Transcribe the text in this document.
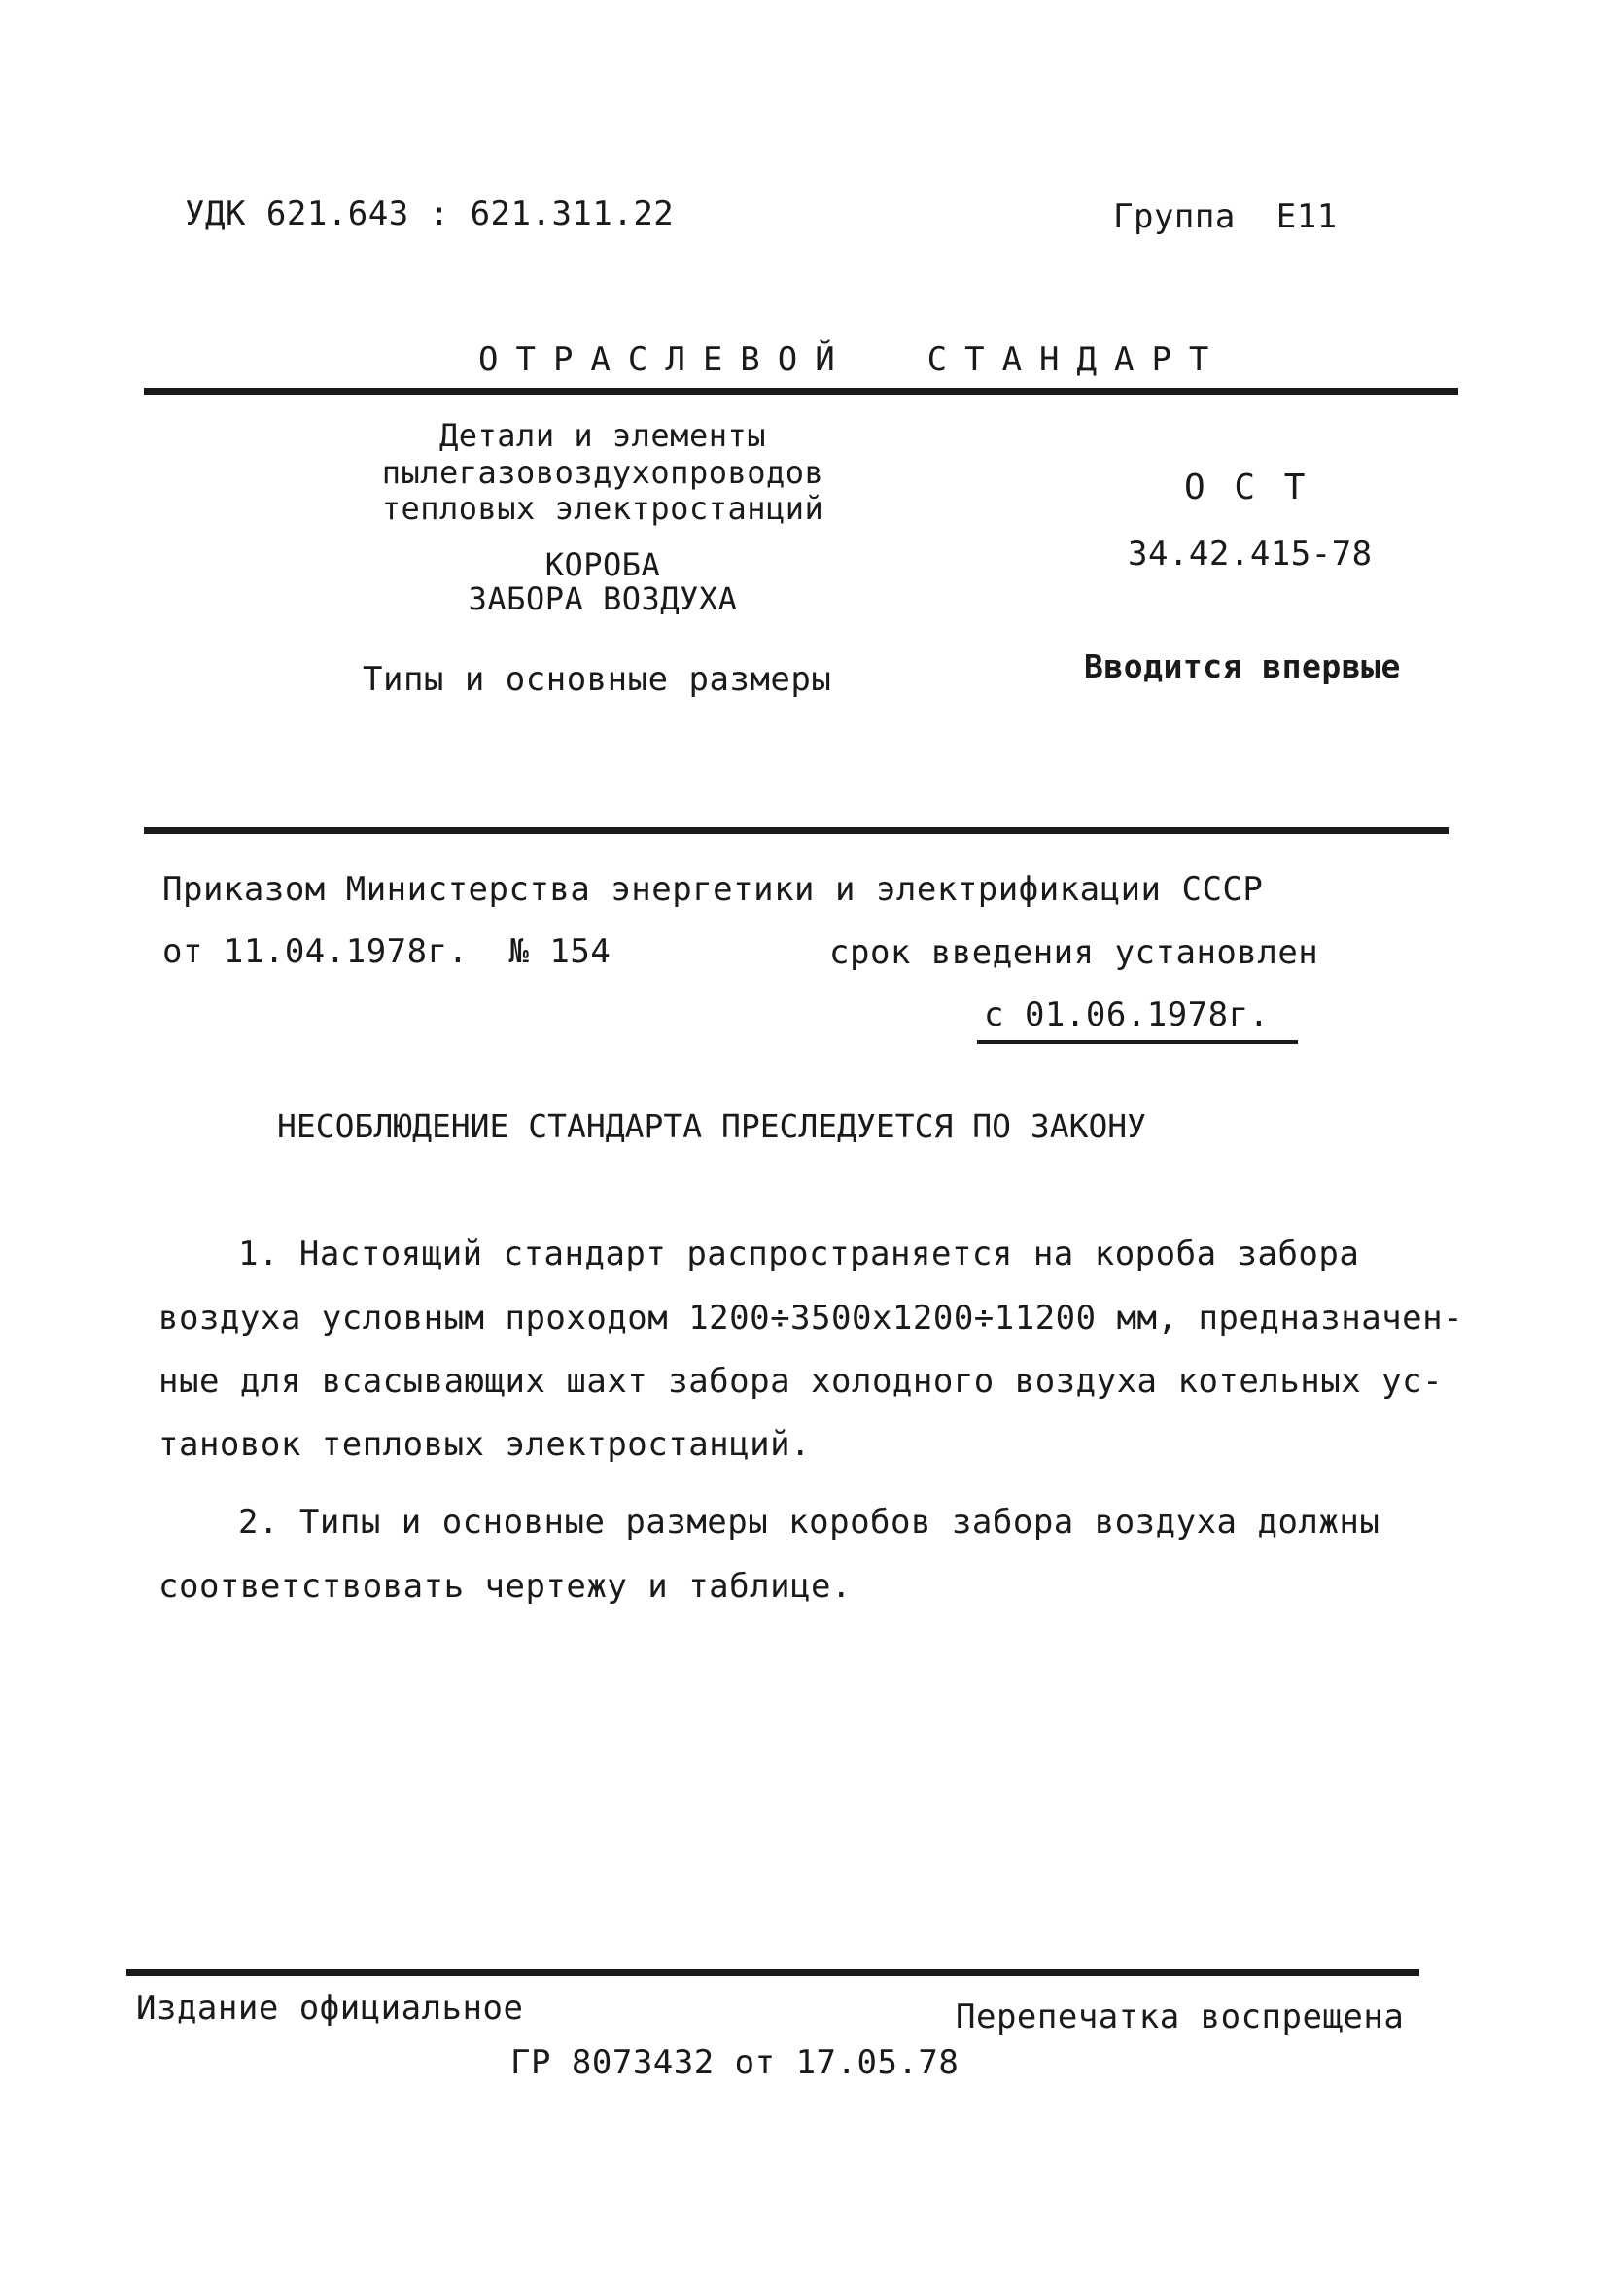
УДК 621.643 : 621.311.22	Группа  Е11
ОТРАСЛЕВОЙ  СТАНДАРТ
Детали и элементы
пылегазовоздухопроводов
тепловых электростанций
КОРОБА
ЗАБОРА ВОЗДУХА
Типы и основные размеры
О С Т
34.42.415-78
Вводится впервые
Приказом Министерства энергетики и электрификации СССР
от 11.04.1978г.  № 154	срок введения установлен
с 01.06.1978г.
НЕСОБЛЮДЕНИЕ СТАНДАРТА ПРЕСЛЕДУЕТСЯ ПО ЗАКОНУ
1. Настоящий стандарт распространяется на короба забора
воздуха условным проходом 1200÷3500х1200÷11200 мм, предназначен-
ные для всасывающих шахт забора холодного воздуха котельных ус-
тановок тепловых электростанций.
2. Типы и основные размеры коробов забора воздуха должны
соответствовать чертежу и таблице.
Издание официальное	Перепечатка воспрещена
ГР 8073432 от 17.05.78
